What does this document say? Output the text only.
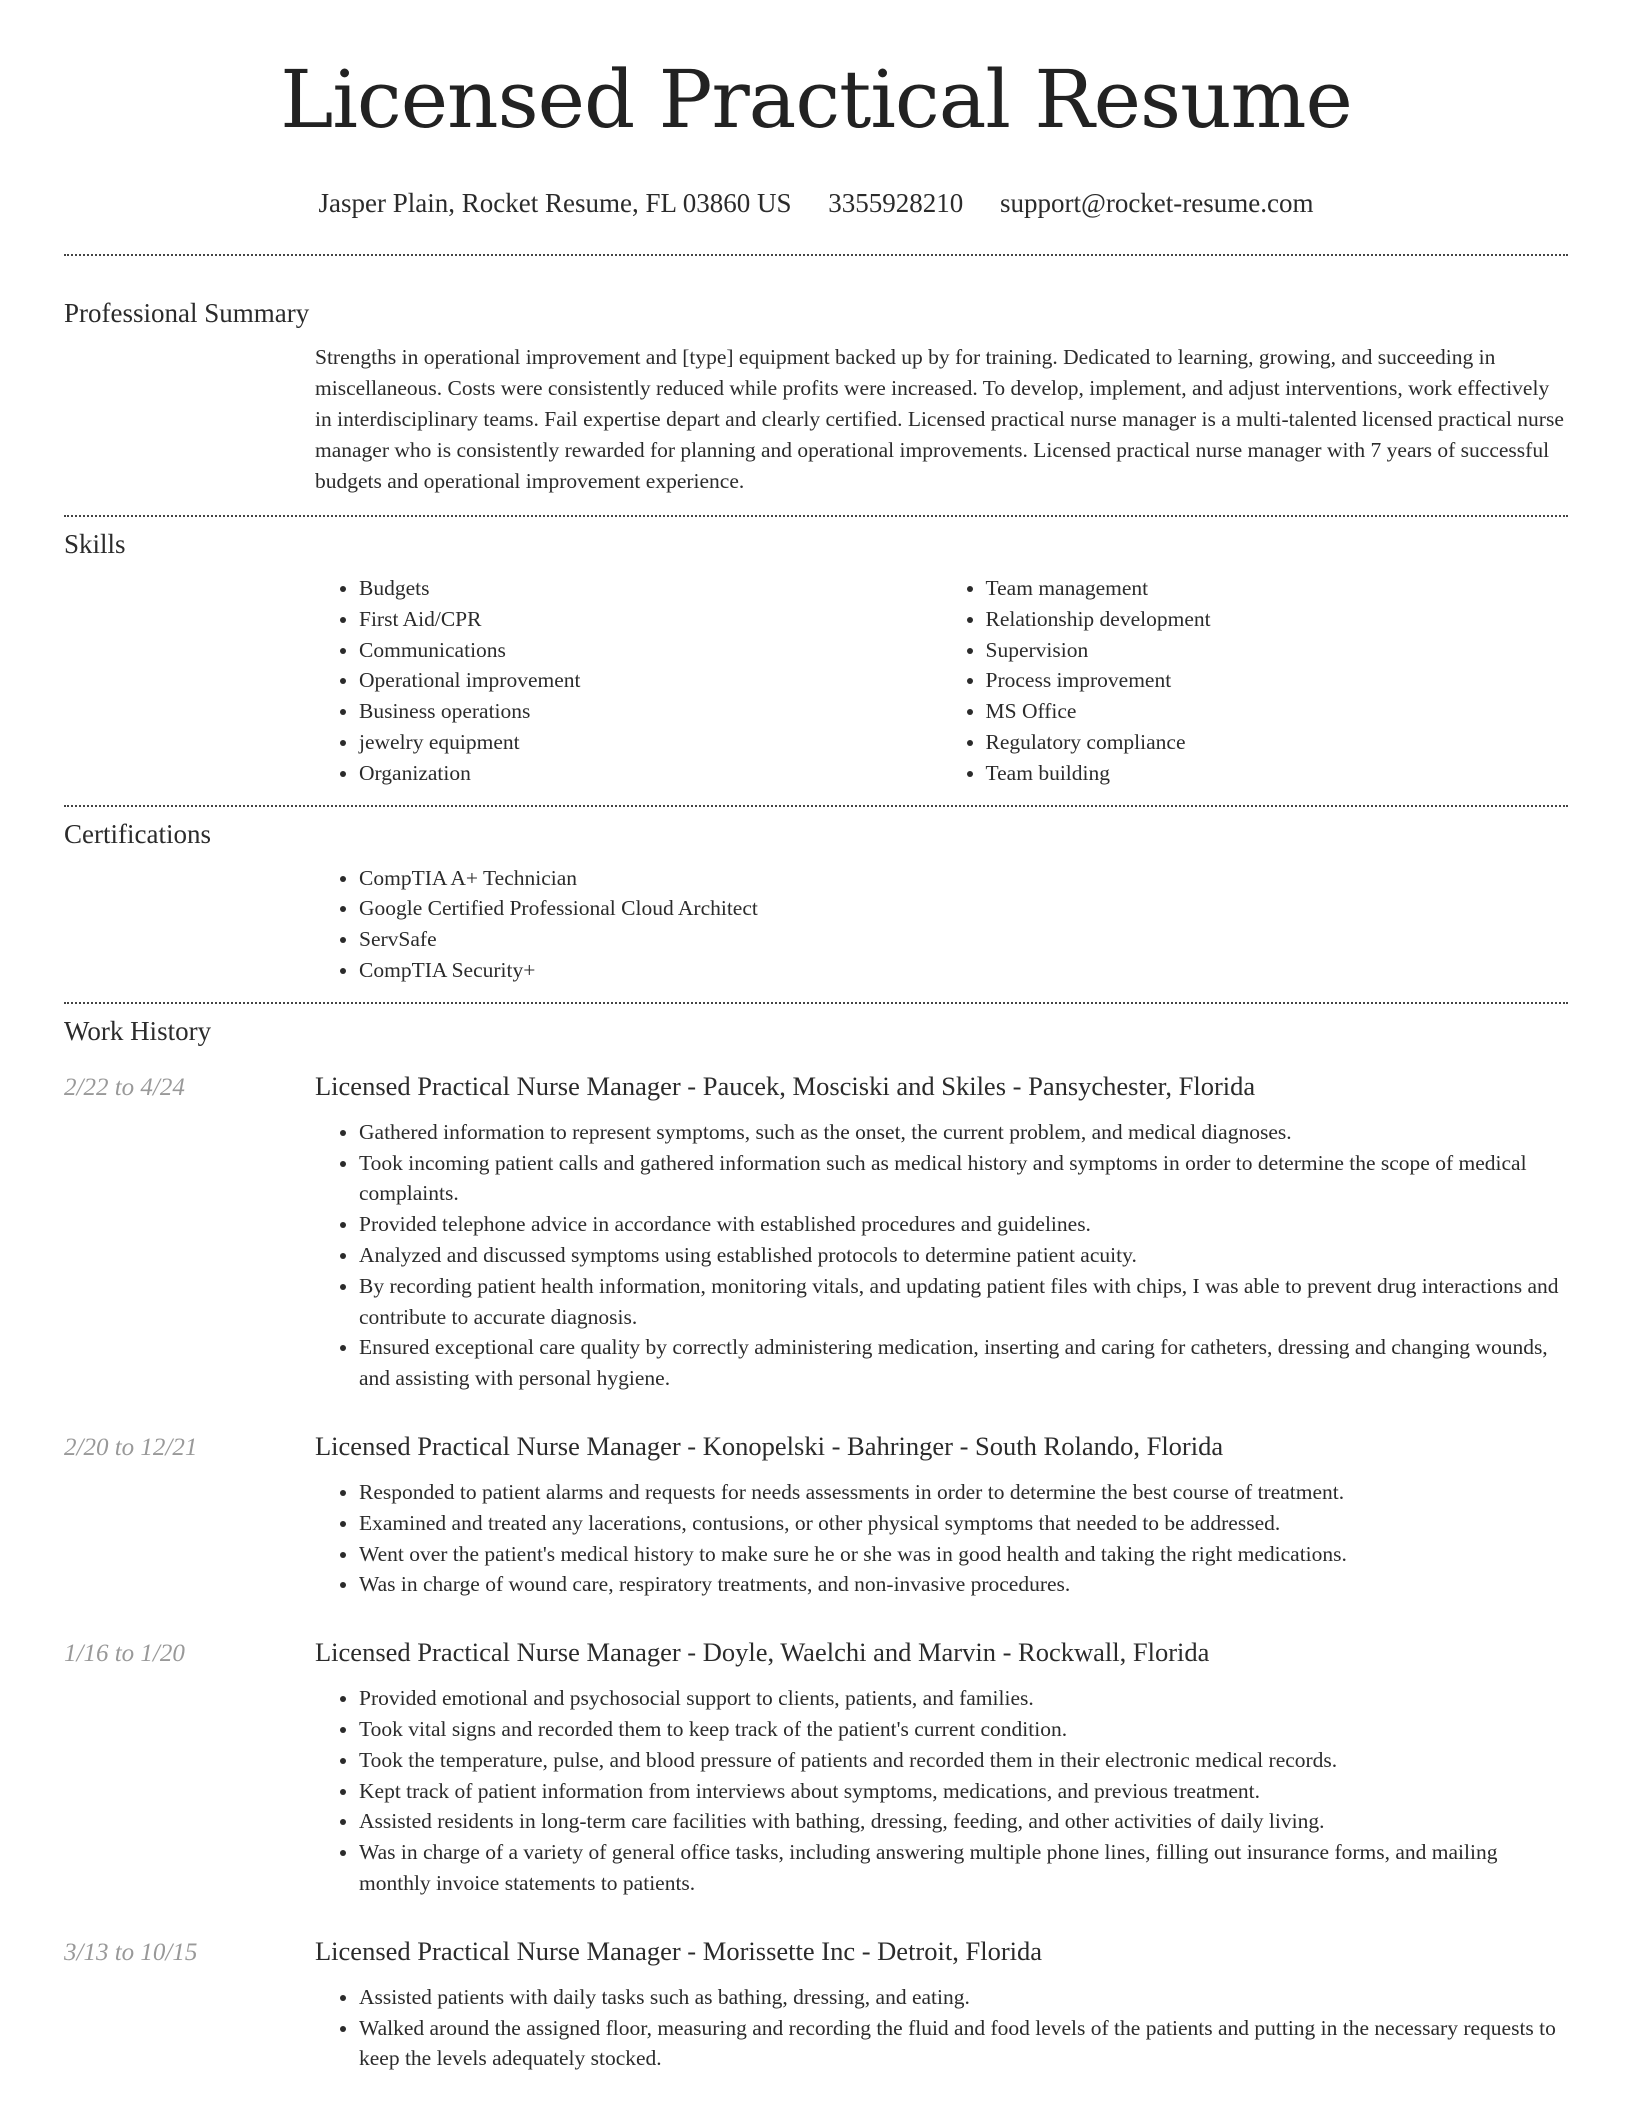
Licensed Practical Resume
Jasper Plain, Rocket Resume, FL 03860 US 3355928210 support@rocket-resume.com
Professional Summary

Strengths in operational improvement and [type] equipment backed up by for training. Dedicated to learning, growing, and succeeding in miscellaneous. Costs were consistently reduced while profits were increased. To develop, implement, and adjust interventions, work effectively in interdisciplinary teams. Fail expertise depart and clearly certified. Licensed practical nurse manager is a multi-talented licensed practical nurse manager who is consistently rewarded for planning and operational improvements. Licensed practical nurse manager with 7 years of successful budgets and operational improvement experience.

Skills
• Budgets
• First Aid/CPR
• Communications
• Operational improvement
• Business operations
• jewelry equipment
• Organization
• Team management
• Relationship development
• Supervision
• Process improvement
• MS Office
• Regulatory compliance
• Team building
Certifications
• CompTIA A+ Technician
• Google Certified Professional Cloud Architect
• ServSafe
• CompTIA Security+
Work History
2/22 to 4/24	Licensed Practical Nurse Manager - Paucek, Mosciski and Skiles - Pansychester, Florida
• Gathered information to represent symptoms, such as the onset, the current problem, and medical diagnoses.
• Took incoming patient calls and gathered information such as medical history and symptoms in order to determine the scope of medical complaints.
• Provided telephone advice in accordance with established procedures and guidelines.
• Analyzed and discussed symptoms using established protocols to determine patient acuity.
• By recording patient health information, monitoring vitals, and updating patient files with chips, I was able to prevent drug interactions and contribute to accurate diagnosis.
• Ensured exceptional care quality by correctly administering medication, inserting and caring for catheters, dressing and changing wounds, and assisting with personal hygiene.
2/20 to 12/21	Licensed Practical Nurse Manager - Konopelski - Bahringer - South Rolando, Florida
• Responded to patient alarms and requests for needs assessments in order to determine the best course of treatment.
• Examined and treated any lacerations, contusions, or other physical symptoms that needed to be addressed.
• Went over the patient's medical history to make sure he or she was in good health and taking the right medications.
• Was in charge of wound care, respiratory treatments, and non-invasive procedures.
1/16 to 1/20	Licensed Practical Nurse Manager - Doyle, Waelchi and Marvin - Rockwall, Florida
• Provided emotional and psychosocial support to clients, patients, and families.
• Took vital signs and recorded them to keep track of the patient's current condition.
• Took the temperature, pulse, and blood pressure of patients and recorded them in their electronic medical records.
• Kept track of patient information from interviews about symptoms, medications, and previous treatment.
• Assisted residents in long-term care facilities with bathing, dressing, feeding, and other activities of daily living.
• Was in charge of a variety of general office tasks, including answering multiple phone lines, filling out insurance forms, and mailing monthly invoice statements to patients.
3/13 to 10/15	Licensed Practical Nurse Manager - Morissette Inc - Detroit, Florida
• Assisted patients with daily tasks such as bathing, dressing, and eating.
• Walked around the assigned floor, measuring and recording the fluid and food levels of the patients and putting in the necessary requests to keep the levels adequately stocked.
